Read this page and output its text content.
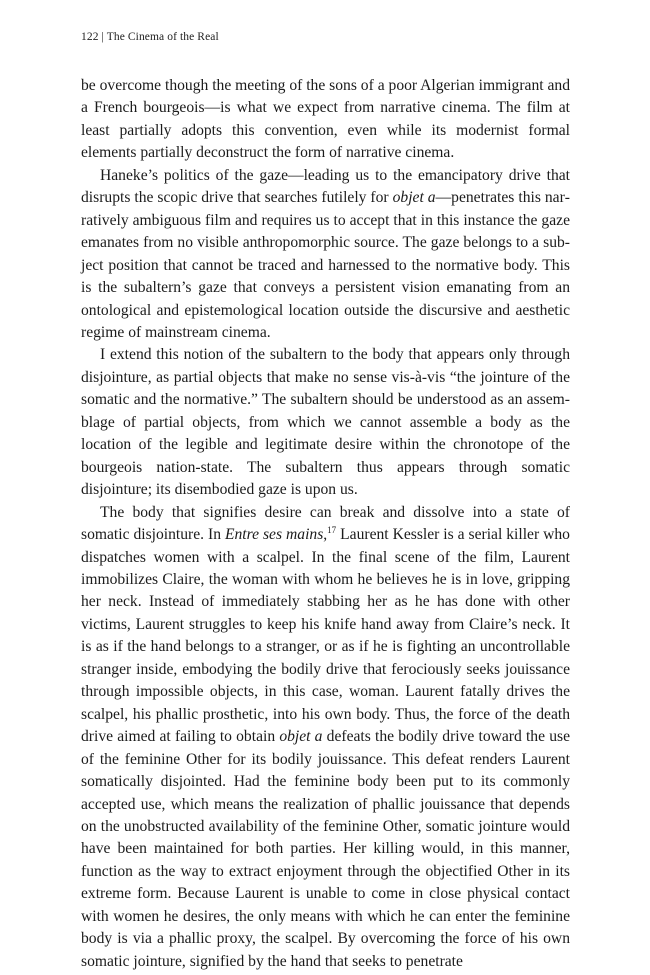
122 | The Cinema of the Real

be overcome though the meeting of the sons of a poor Algerian immigrant and a French bourgeois—is what we expect from narrative cinema. The film at least partially adopts this convention, even while its modernist formal elements partially deconstruct the form of narrative cinema.

Haneke’s politics of the gaze—leading us to the emancipatory drive that disrupts the scopic drive that searches futilely for objet a—penetrates this narratively ambiguous film and requires us to accept that in this instance the gaze emanates from no visible anthropomorphic source. The gaze belongs to a subject position that cannot be traced and harnessed to the normative body. This is the subaltern’s gaze that conveys a persistent vision emanating from an ontological and epistemological location outside the discursive and aesthetic regime of mainstream cinema.

I extend this notion of the subaltern to the body that appears only through disjointure, as partial objects that make no sense vis-à-vis “the jointure of the somatic and the normative.” The subaltern should be understood as an assemblage of partial objects, from which we cannot assemble a body as the location of the legible and legitimate desire within the chronotope of the bourgeois nation-state. The subaltern thus appears through somatic disjointure; its disembodied gaze is upon us.

The body that signifies desire can break and dissolve into a state of somatic disjointure. In Entre ses mains,$^{17}$ Laurent Kessler is a serial killer who dispatches women with a scalpel. In the final scene of the film, Laurent immobilizes Claire, the woman with whom he believes he is in love, gripping her neck. Instead of immediately stabbing her as he has done with other victims, Laurent struggles to keep his knife hand away from Claire’s neck. It is as if the hand belongs to a stranger, or as if he is fighting an uncontrollable stranger inside, embodying the bodily drive that ferociously seeks jouissance through impossible objects, in this case, woman. Laurent fatally drives the scalpel, his phallic prosthetic, into his own body. Thus, the force of the death drive aimed at failing to obtain objet a defeats the bodily drive toward the use of the feminine Other for its bodily jouissance. This defeat renders Laurent somatically disjointed. Had the feminine body been put to its commonly accepted use, which means the realization of phallic jouissance that depends on the unobstructed availability of the feminine Other, somatic jointure would have been maintained for both parties. Her killing would, in this manner, function as the way to extract enjoyment through the objectified Other in its extreme form. Because Laurent is unable to come in close physical contact with women he desires, the only means with which he can enter the feminine body is via a phallic proxy, the scalpel. By overcoming the force of his own somatic jointure, signified by the hand that seeks to penetrate
